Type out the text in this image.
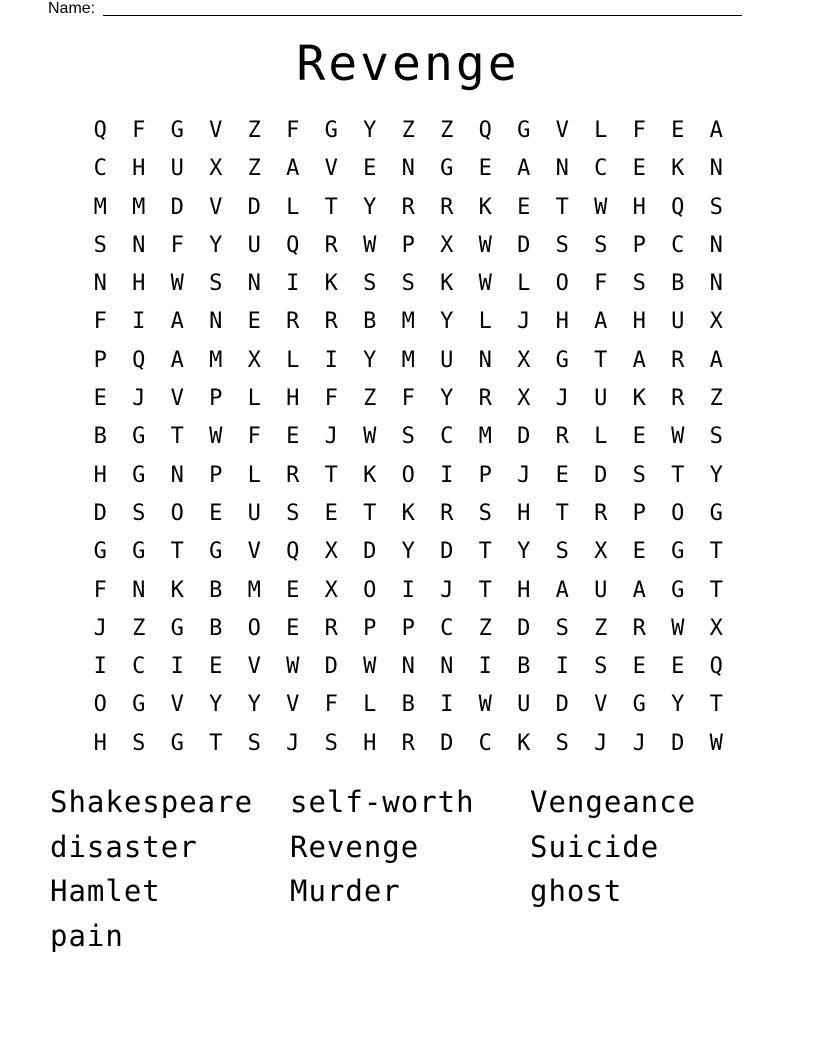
Name:
Revenge
Q	F	G	V	Z	F	G	Y	Z	Z	Q	G	V	L	F	E	A
C	H	U	X	Z	A	V	E	N	G	E	A	N	C	E	K	N
M	M	D	V	D	L	T	Y	R	R	K	E	T	W	H	Q	S
S	N	F	Y	U	Q	R	W	P	X	W	D	S	S	P	C	N
N	H	W	S	N	I	K	S	S	K	W	L	O	F	S	B	N
F	I	A	N	E	R	R	B	M	Y	L	J	H	A	H	U	X
P	Q	A	M	X	L	I	Y	M	U	N	X	G	T	A	R	A
E	J	V	P	L	H	F	Z	F	Y	R	X	J	U	K	R	Z
B	G	T	W	F	E	J	W	S	C	M	D	R	L	E	W	S
H	G	N	P	L	R	T	K	O	I	P	J	E	D	S	T	Y
D	S	O	E	U	S	E	T	K	R	S	H	T	R	P	O	G
G	G	T	G	V	Q	X	D	Y	D	T	Y	S	X	E	G	T
F	N	K	B	M	E	X	O	I	J	T	H	A	U	A	G	T
J	Z	G	B	O	E	R	P	P	C	Z	D	S	Z	R	W	X
I	C	I	E	V	W	D	W	N	N	I	B	I	S	E	E	Q
O	G	V	Y	Y	V	F	L	B	I	W	U	D	V	G	Y	T
H	S	G	T	S	J	S	H	R	D	C	K	S	J	J	D	W
Shakespeare	self-worth	Vengeance
disaster	Revenge	Suicide
Hamlet	Murder	ghost
pain
